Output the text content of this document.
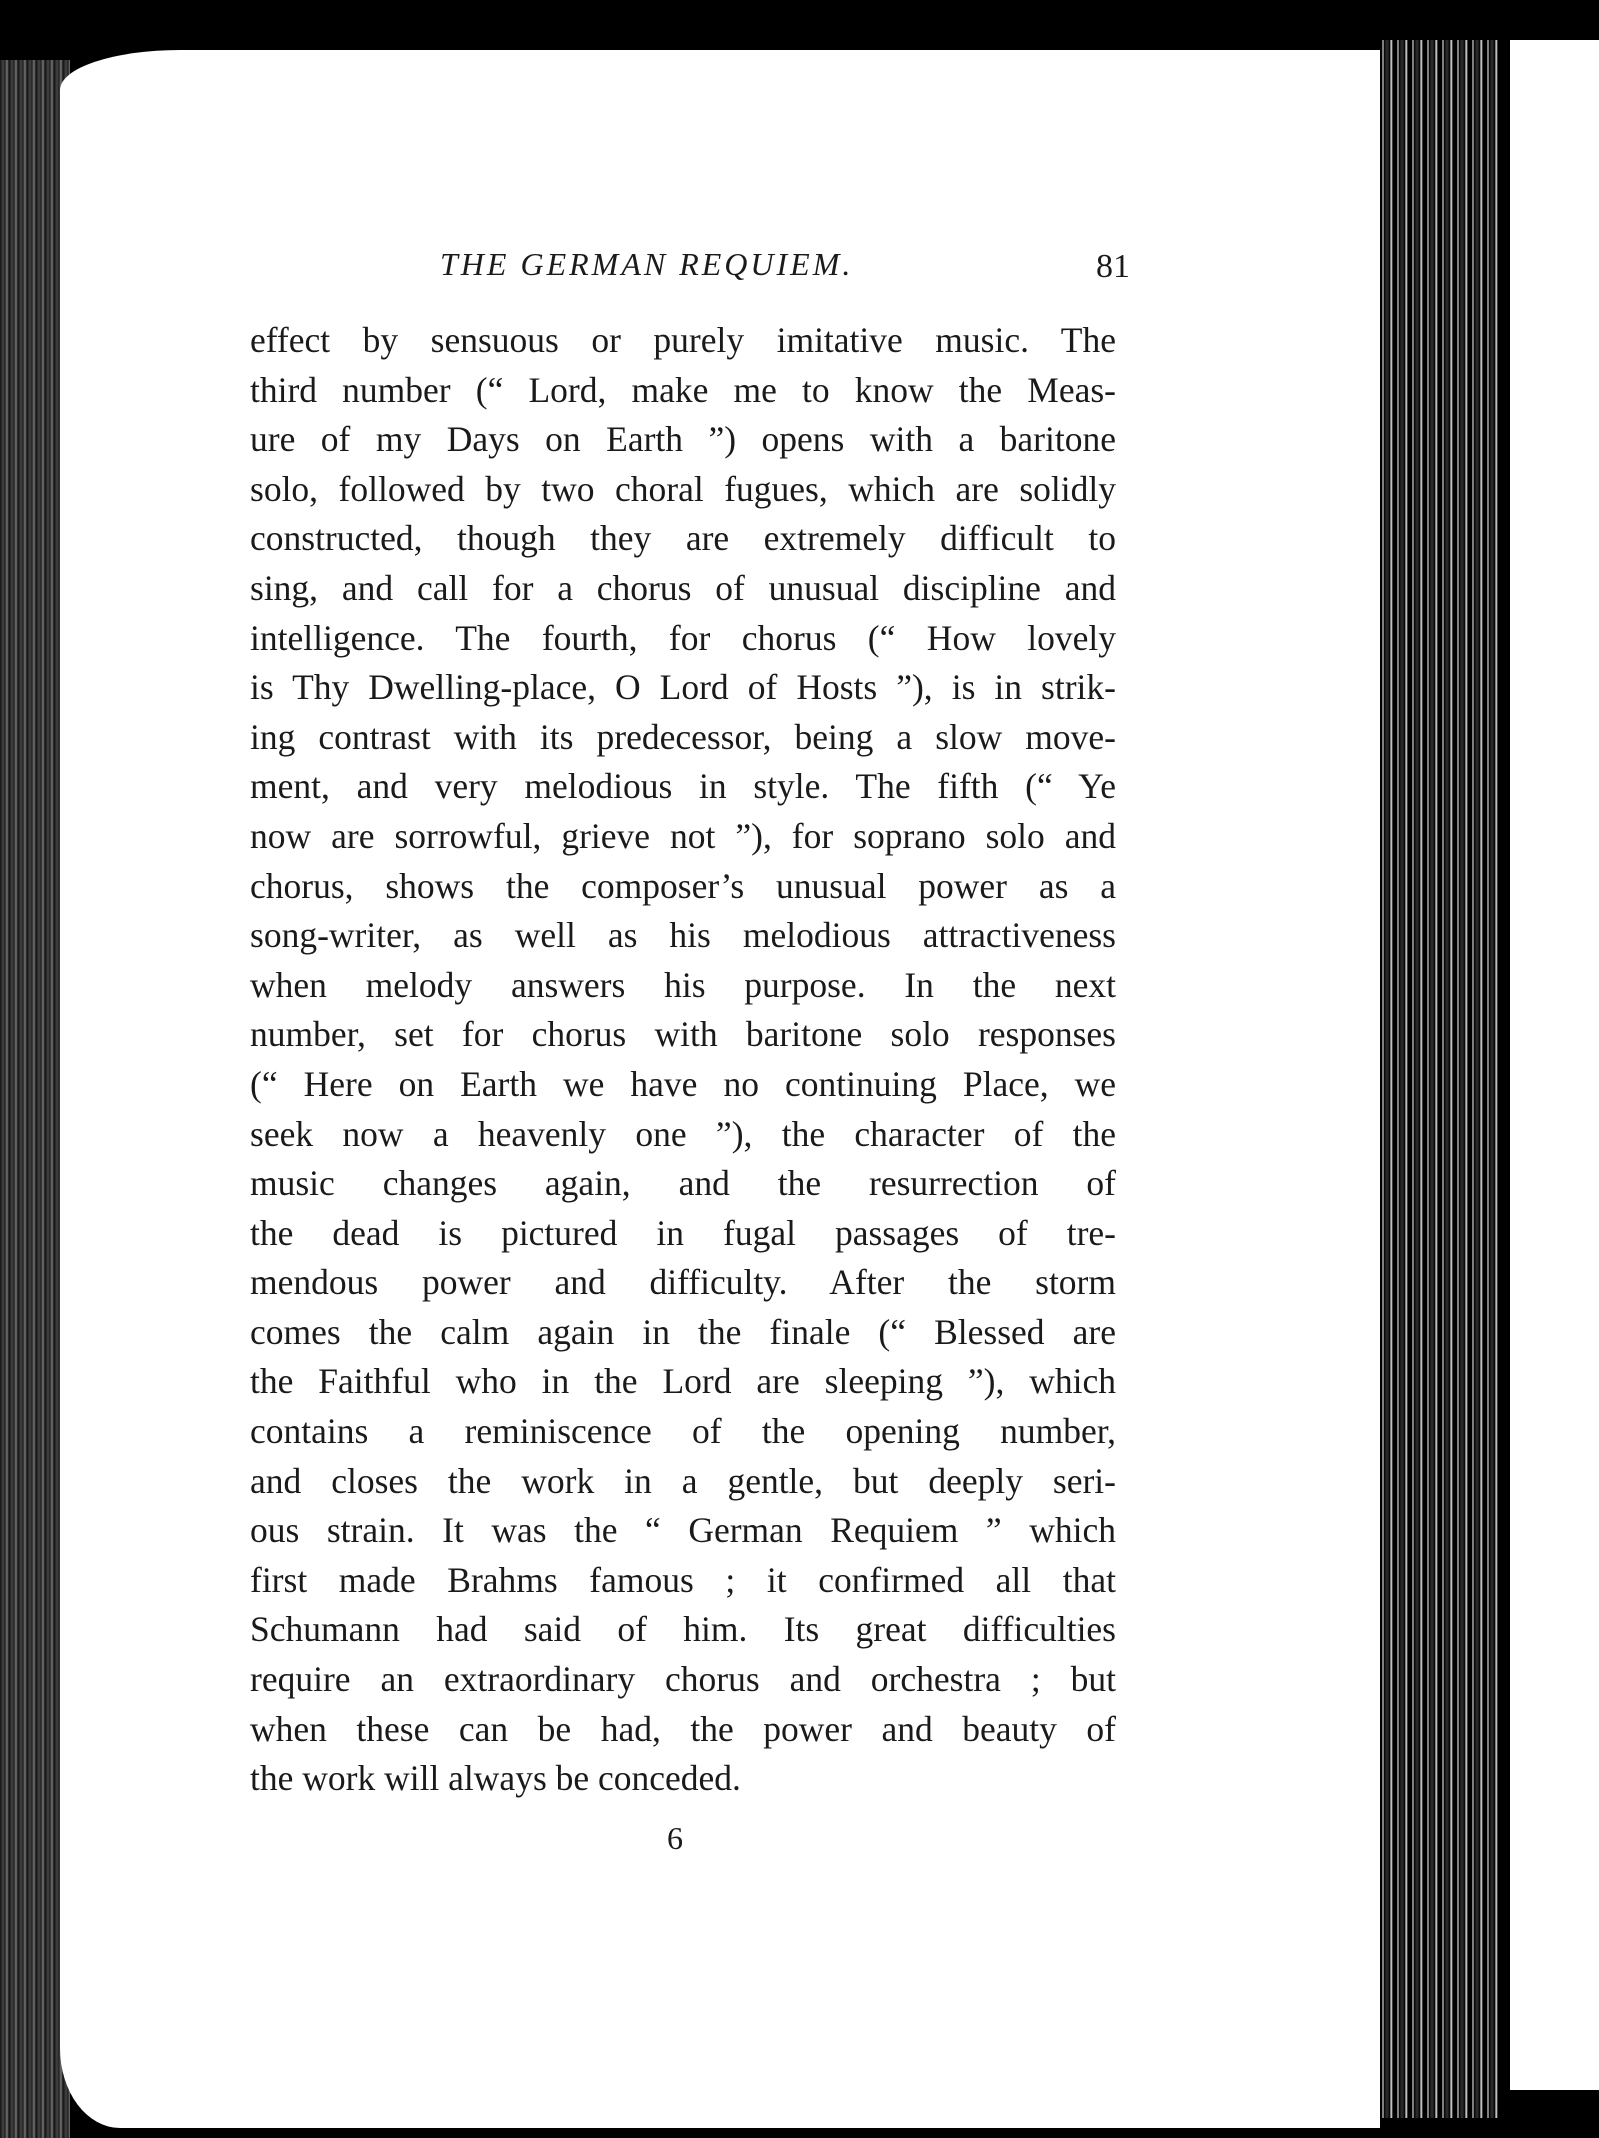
THE GERMAN REQUIEM.	81
effect by sensuous or purely imitative music. The
third number (“ Lord, make me to know the Meas-
ure of my Days on Earth ”) opens with a baritone
solo, followed by two choral fugues, which are solidly
constructed, though they are extremely difficult to
sing, and call for a chorus of unusual discipline and
intelligence. The fourth, for chorus (“ How lovely
is Thy Dwelling-place, O Lord of Hosts ”), is in strik-
ing contrast with its predecessor, being a slow move-
ment, and very melodious in style. The fifth (“ Ye
now are sorrowful, grieve not ”), for soprano solo and
chorus, shows the composer’s unusual power as a
song-writer, as well as his melodious attractiveness
when melody answers his purpose. In the next
number, set for chorus with baritone solo responses
(“ Here on Earth we have no continuing Place, we
seek now a heavenly one ”), the character of the
music changes again, and the resurrection of
the dead is pictured in fugal passages of tre-
mendous power and difficulty. After the storm
comes the calm again in the finale (“ Blessed are
the Faithful who in the Lord are sleeping ”), which
contains a reminiscence of the opening number,
and closes the work in a gentle, but deeply seri-
ous strain. It was the “ German Requiem ” which
first made Brahms famous ; it confirmed all that
Schumann had said of him. Its great difficulties
require an extraordinary chorus and orchestra ; but
when these can be had, the power and beauty of
the work will always be conceded.
6
